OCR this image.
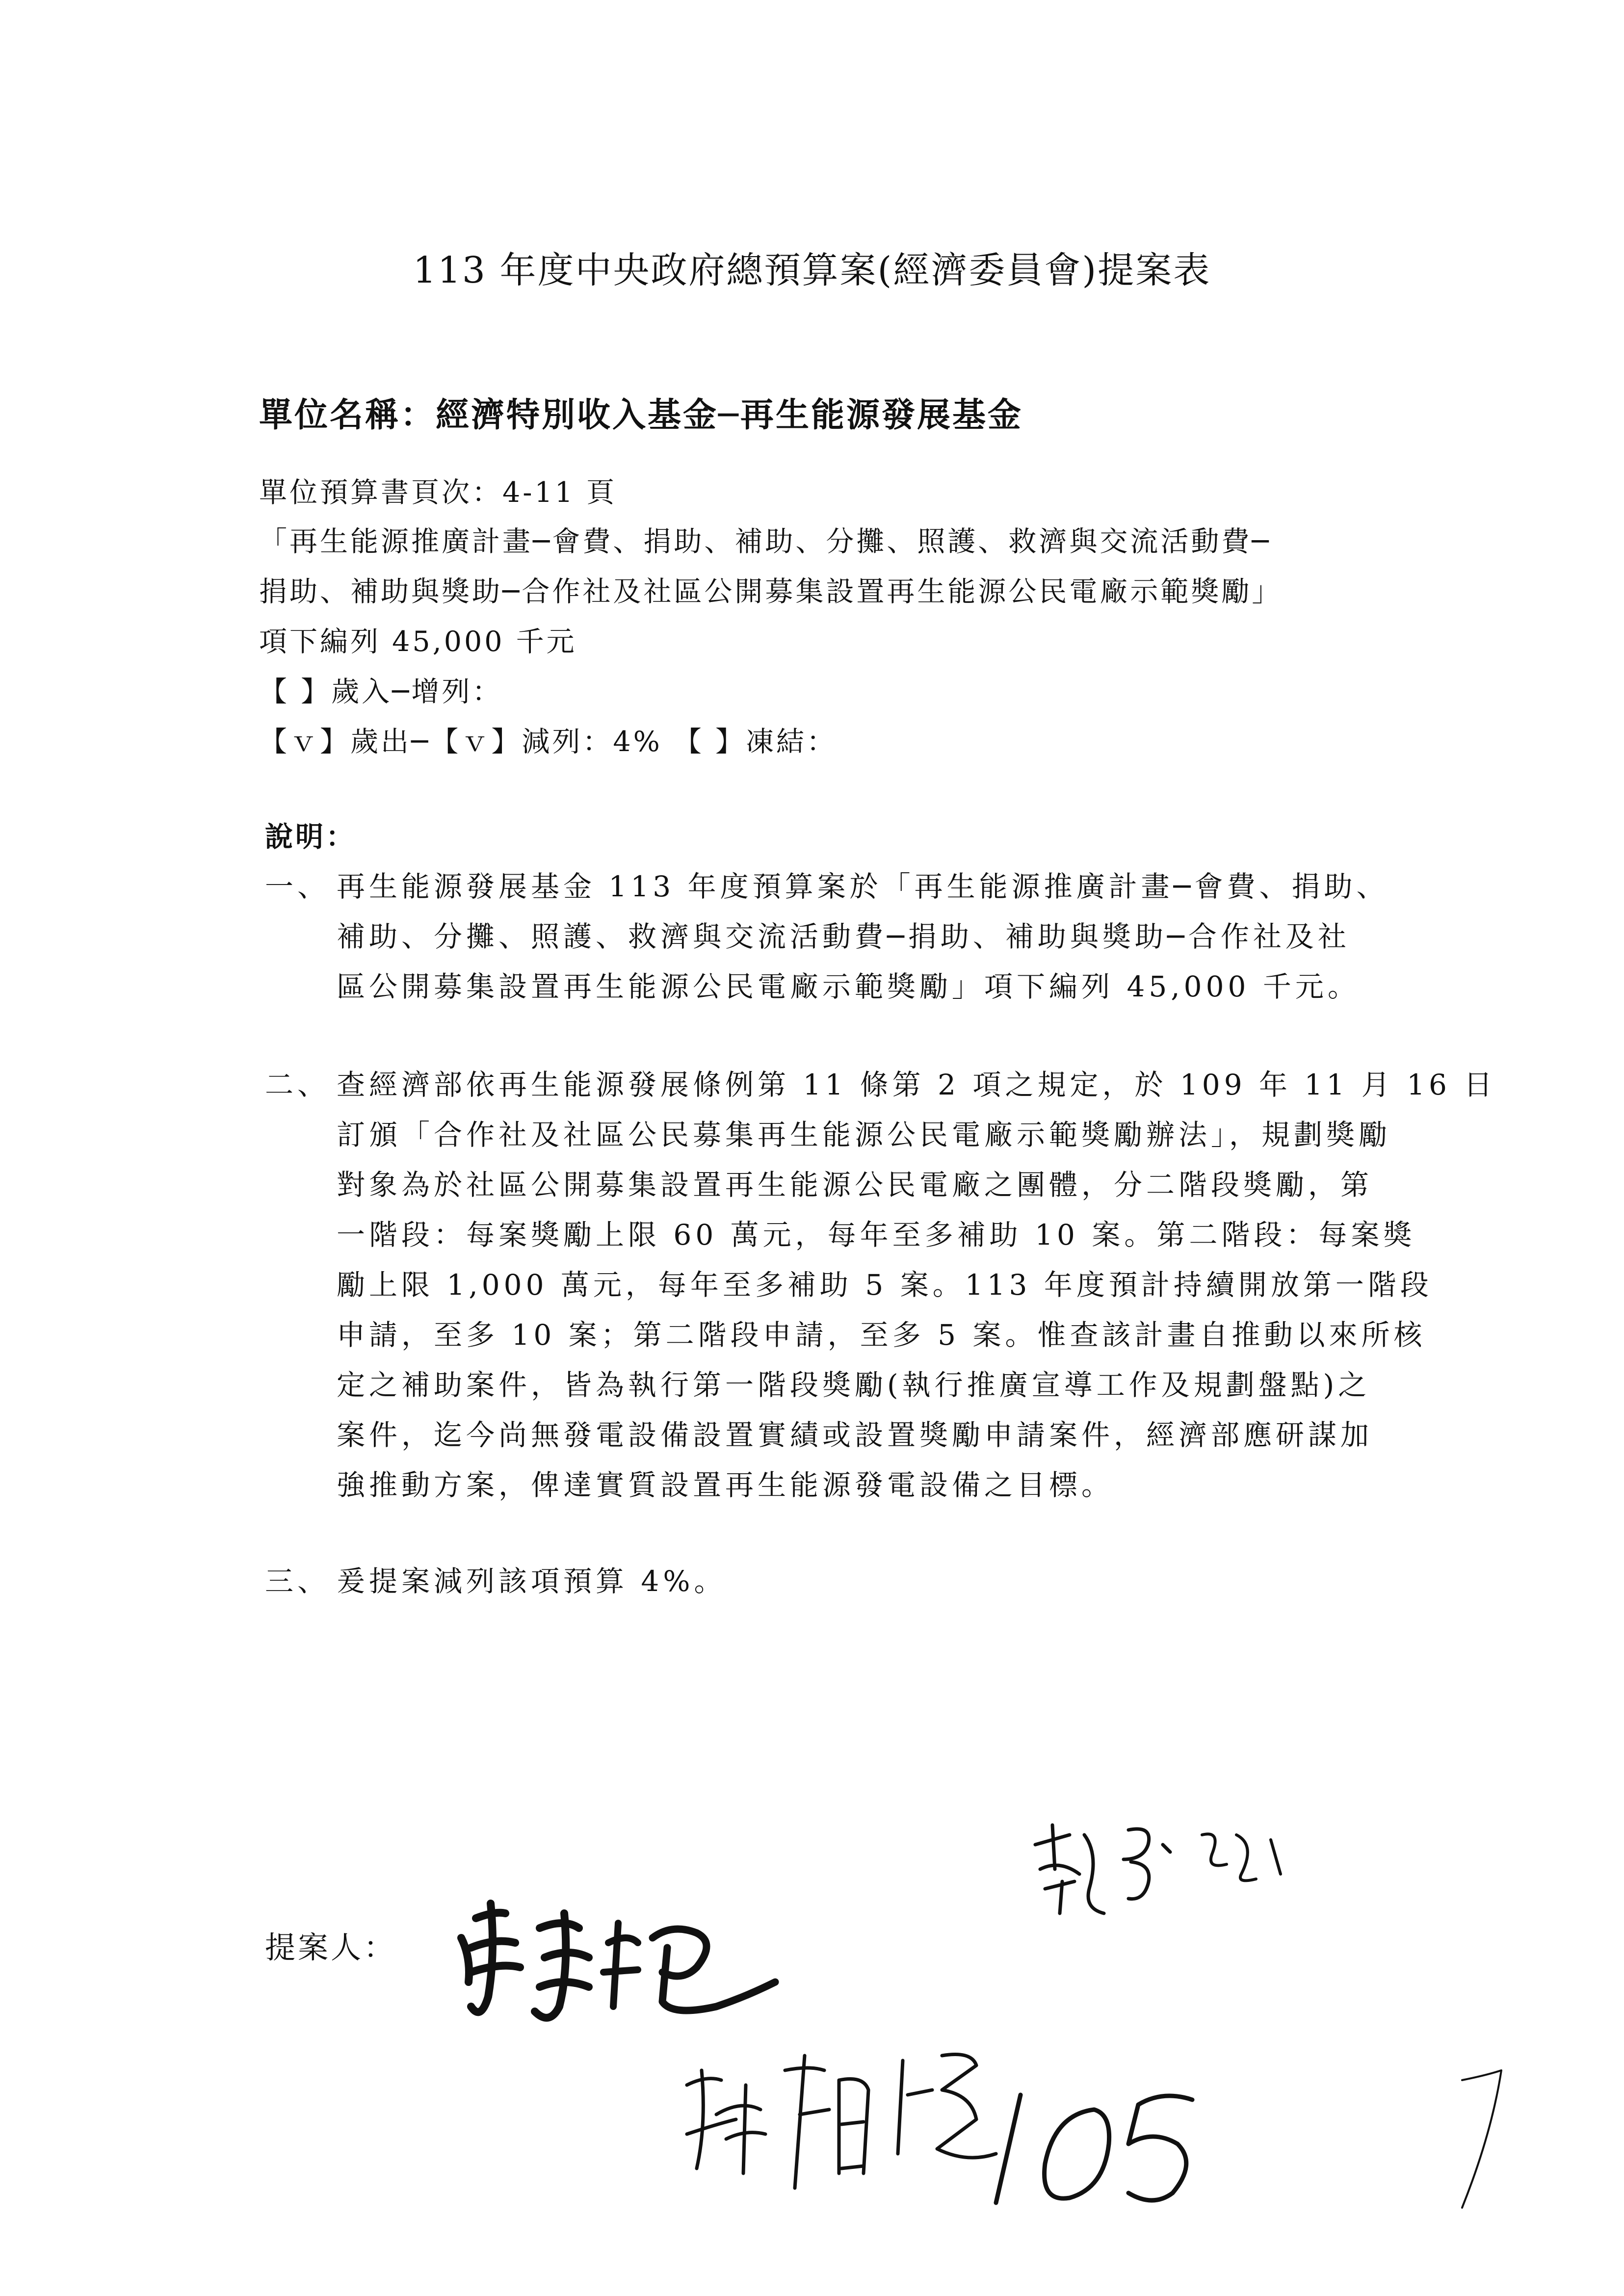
113 年度中央政府總預算案(經濟委員會)提案表
單位名稱：經濟特別收入基金─再生能源發展基金
單位預算書頁次：4-11 頁
「再生能源推廣計畫─會費、捐助、補助、分攤、照護、救濟與交流活動費─
捐助、補助與獎助─合作社及社區公開募集設置再生能源公民電廠示範獎勵」
項下編列 45,000 千元
【 】歲入─增列：
【ｖ】歲出─【ｖ】減列：4% 【 】凍結：
說明：
一、 再生能源發展基金 113 年度預算案於「再生能源推廣計畫─會費、捐助、
補助、分攤、照護、救濟與交流活動費─捐助、補助與獎助─合作社及社
區公開募集設置再生能源公民電廠示範獎勵」項下編列 45,000 千元。
二、 查經濟部依再生能源發展條例第 11 條第 2 項之規定，於 109 年 11 月 16 日
訂頒「合作社及社區公民募集再生能源公民電廠示範獎勵辦法」，規劃獎勵
對象為於社區公開募集設置再生能源公民電廠之團體，分二階段獎勵，第
一階段：每案獎勵上限 60 萬元，每年至多補助 10 案。第二階段：每案獎
勵上限 1,000 萬元，每年至多補助 5 案。113 年度預計持續開放第一階段
申請，至多 10 案；第二階段申請，至多 5 案。惟查該計畫自推動以來所核
定之補助案件，皆為執行第一階段獎勵(執行推廣宣導工作及規劃盤點)之
案件，迄今尚無發電設備設置實績或設置獎勵申請案件，經濟部應研謀加
強推動方案，俾達實質設置再生能源發電設備之目標。
三、 爰提案減列該項預算 4%。
提案人：
